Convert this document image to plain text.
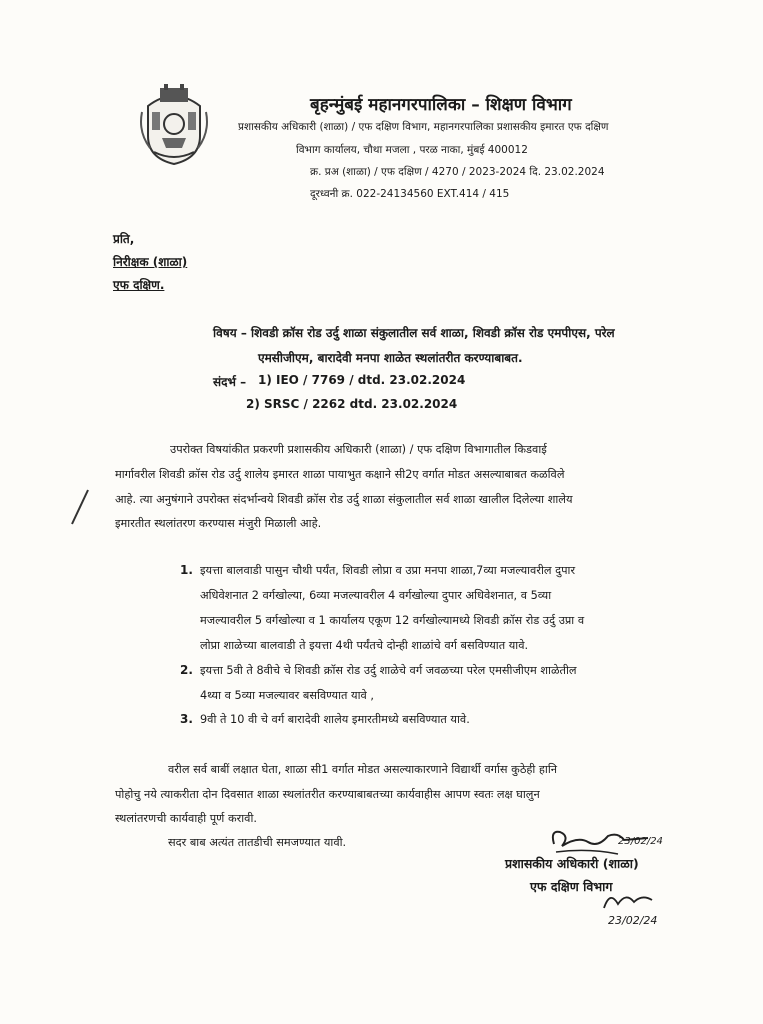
बृहन्मुंबई महानगरपालिका – शिक्षण विभाग
प्रशासकीय अधिकारी (शाळा) / एफ दक्षिण विभाग, महानगरपालिका प्रशासकीय इमारत एफ दक्षिण
विभाग कार्यालय, चौथा मजला , परळ नाका, मुंबई 400012
क्र. प्रअ (शाळा) / एफ दक्षिण / 4270 / 2023-2024 दि. 23.02.2024
दूरध्वनी क्र. 022-24134560 EXT.414 / 415
प्रति,
निरीक्षक (शाळा)
एफ दक्षिण.
विषय – शिवडी क्रॉस रोड उर्दु शाळा संकुलातील सर्व शाळा, शिवडी क्रॉस रोड एमपीएस, परेल
एमसीजीएम, बारादेवी मनपा शाळेत स्थलांतरीत करण्याबाबत.
संदर्भ – 1) IEO / 7769 / dtd. 23.02.2024
2) SRSC / 2262 dtd. 23.02.2024
उपरोक्त विषयांकीत प्रकरणी प्रशासकीय अधिकारी (शाळा) / एफ दक्षिण विभागातील किडवाई
मार्गावरील शिवडी क्रॉस रोड उर्दु शालेय इमारत शाळा पायाभुत कक्षाने सी2ए वर्गात मोडत असल्याबाबत कळविले
आहे. त्या अनुषंगाने उपरोक्त संदर्भान्वये शिवडी क्रॉस रोड उर्दु शाळा संकुलातील सर्व शाळा खालील दिलेल्या शालेय
इमारतीत स्थलांतरण करण्यास मंजुरी मिळाली आहे.
1. इयत्ता बालवाडी पासुन चौथी पर्यंत, शिवडी लोप्रा व उप्रा मनपा शाळा,7व्या मजल्यावरील दुपार
अधिवेशनात 2 वर्गखोल्या, 6व्या मजल्यावरील 4 वर्गखोल्या दुपार अधिवेशनात, व 5व्या
मजल्यावरील 5 वर्गखोल्या व 1 कार्यालय एकूण 12 वर्गखोल्यामध्ये शिवडी क्रॉस रोड उर्दु उप्रा व
लोप्रा शाळेच्या बालवाडी ते इयत्ता 4थी पर्यंतचे दोन्ही शाळांचे वर्ग बसविण्यात यावे.
2. इयत्ता 5वी ते 8वीचे चे शिवडी क्रॉस रोड उर्दु शाळेचे वर्ग जवळच्या परेल एमसीजीएम शाळेतील
4थ्या व 5व्या मजल्यावर बसविण्यात यावे ,
3. 9वी ते 10 वी चे वर्ग बारादेवी शालेय इमारतीमध्ये बसविण्यात यावे.
वरील सर्व बाबीं लक्षात घेता, शाळा सी1 वर्गात मोडत असल्याकारणाने विद्यार्थी वर्गास कुठेही हानि
पोहोचु नये त्याकरीता दोन दिवसात शाळा स्थलांतरीत करण्याबाबतच्या कार्यवाहीस आपण स्वतः लक्ष घालुन
स्थलांतरणची कार्यवाही पूर्ण करावी.
सदर बाब अत्यंत तातडीची समजण्यात यावी.	23/02/24
प्रशासकीय अधिकारी (शाळा)
एफ दक्षिण विभाग
23/02/24
